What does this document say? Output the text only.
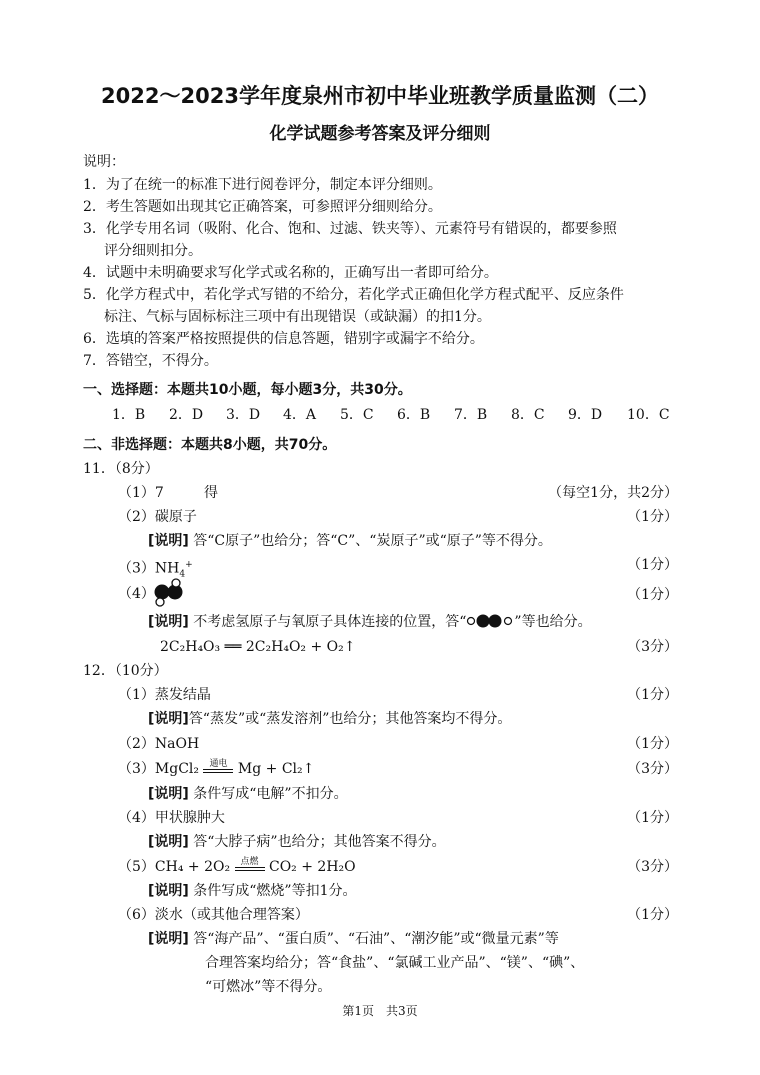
2022～2023学年度泉州市初中毕业班教学质量监测（二）
化学试题参考答案及评分细则
说明：
1．为了在统一的标准下进行阅卷评分，制定本评分细则。
2．考生答题如出现其它正确答案，可参照评分细则给分。
3．化学专用名词（吸附、化合、饱和、过滤、铁夹等）、元素符号有错误的，都要参照
评分细则扣分。
4．试题中未明确要求写化学式或名称的，正确写出一者即可给分。
5．化学方程式中，若化学式写错的不给分，若化学式正确但化学方程式配平、反应条件
标注、气标与固标标注三项中有出现错误（或缺漏）的扣1分。
6．选填的答案严格按照提供的信息答题，错别字或漏字不给分。
7．答错空，不得分。
一、选择题：本题共10小题，每小题3分，共30分。
1．B 2．D 3．D 4．A 5．C 6．B 7．B 8．C 9．D 10．C
二、非选择题：本题共8小题，共70分。
11．（8分）
（1）7	得	（每空1分，共2分）
（2）碳原子	（1分）
[说明] 答“C原子”也给分；答“C”、“炭原子”或“原子”等不得分。
$(3)NH_4^+$	（1分）
（4）	（1分）
[说明] 不考虑氢原子与氧原子具体连接的位置，答“	”等也给分。
2C₂H₄O₃ ══ 2C₂H₄O₂ + O₂↑	（3分）
12．（10分）
（1）蒸发结晶	（1分）
[说明]答“蒸发”或“蒸发溶剂”也给分；其他答案均不得分。
（2）NaOH	（1分）
（3）MgCl₂	通电 Mg + Cl₂↑	（3分）
[说明] 条件写成“电解”不扣分。
（4）甲状腺肿大	（1分）
[说明] 答“大脖子病”也给分；其他答案不得分。
（5）CH₄ + 2O₂	点燃 CO₂ + 2H₂O	（3分）
[说明] 条件写成“燃烧”等扣1分。
（6）淡水（或其他合理答案）	（1分）
[说明] 答“海产品”、“蛋白质”、“石油”、“潮汐能”或“微量元素”等
合理答案均给分；答“食盐”、“氯碱工业产品”、“镁”、“碘”、
“可燃冰”等不得分。
第1页　共3页
